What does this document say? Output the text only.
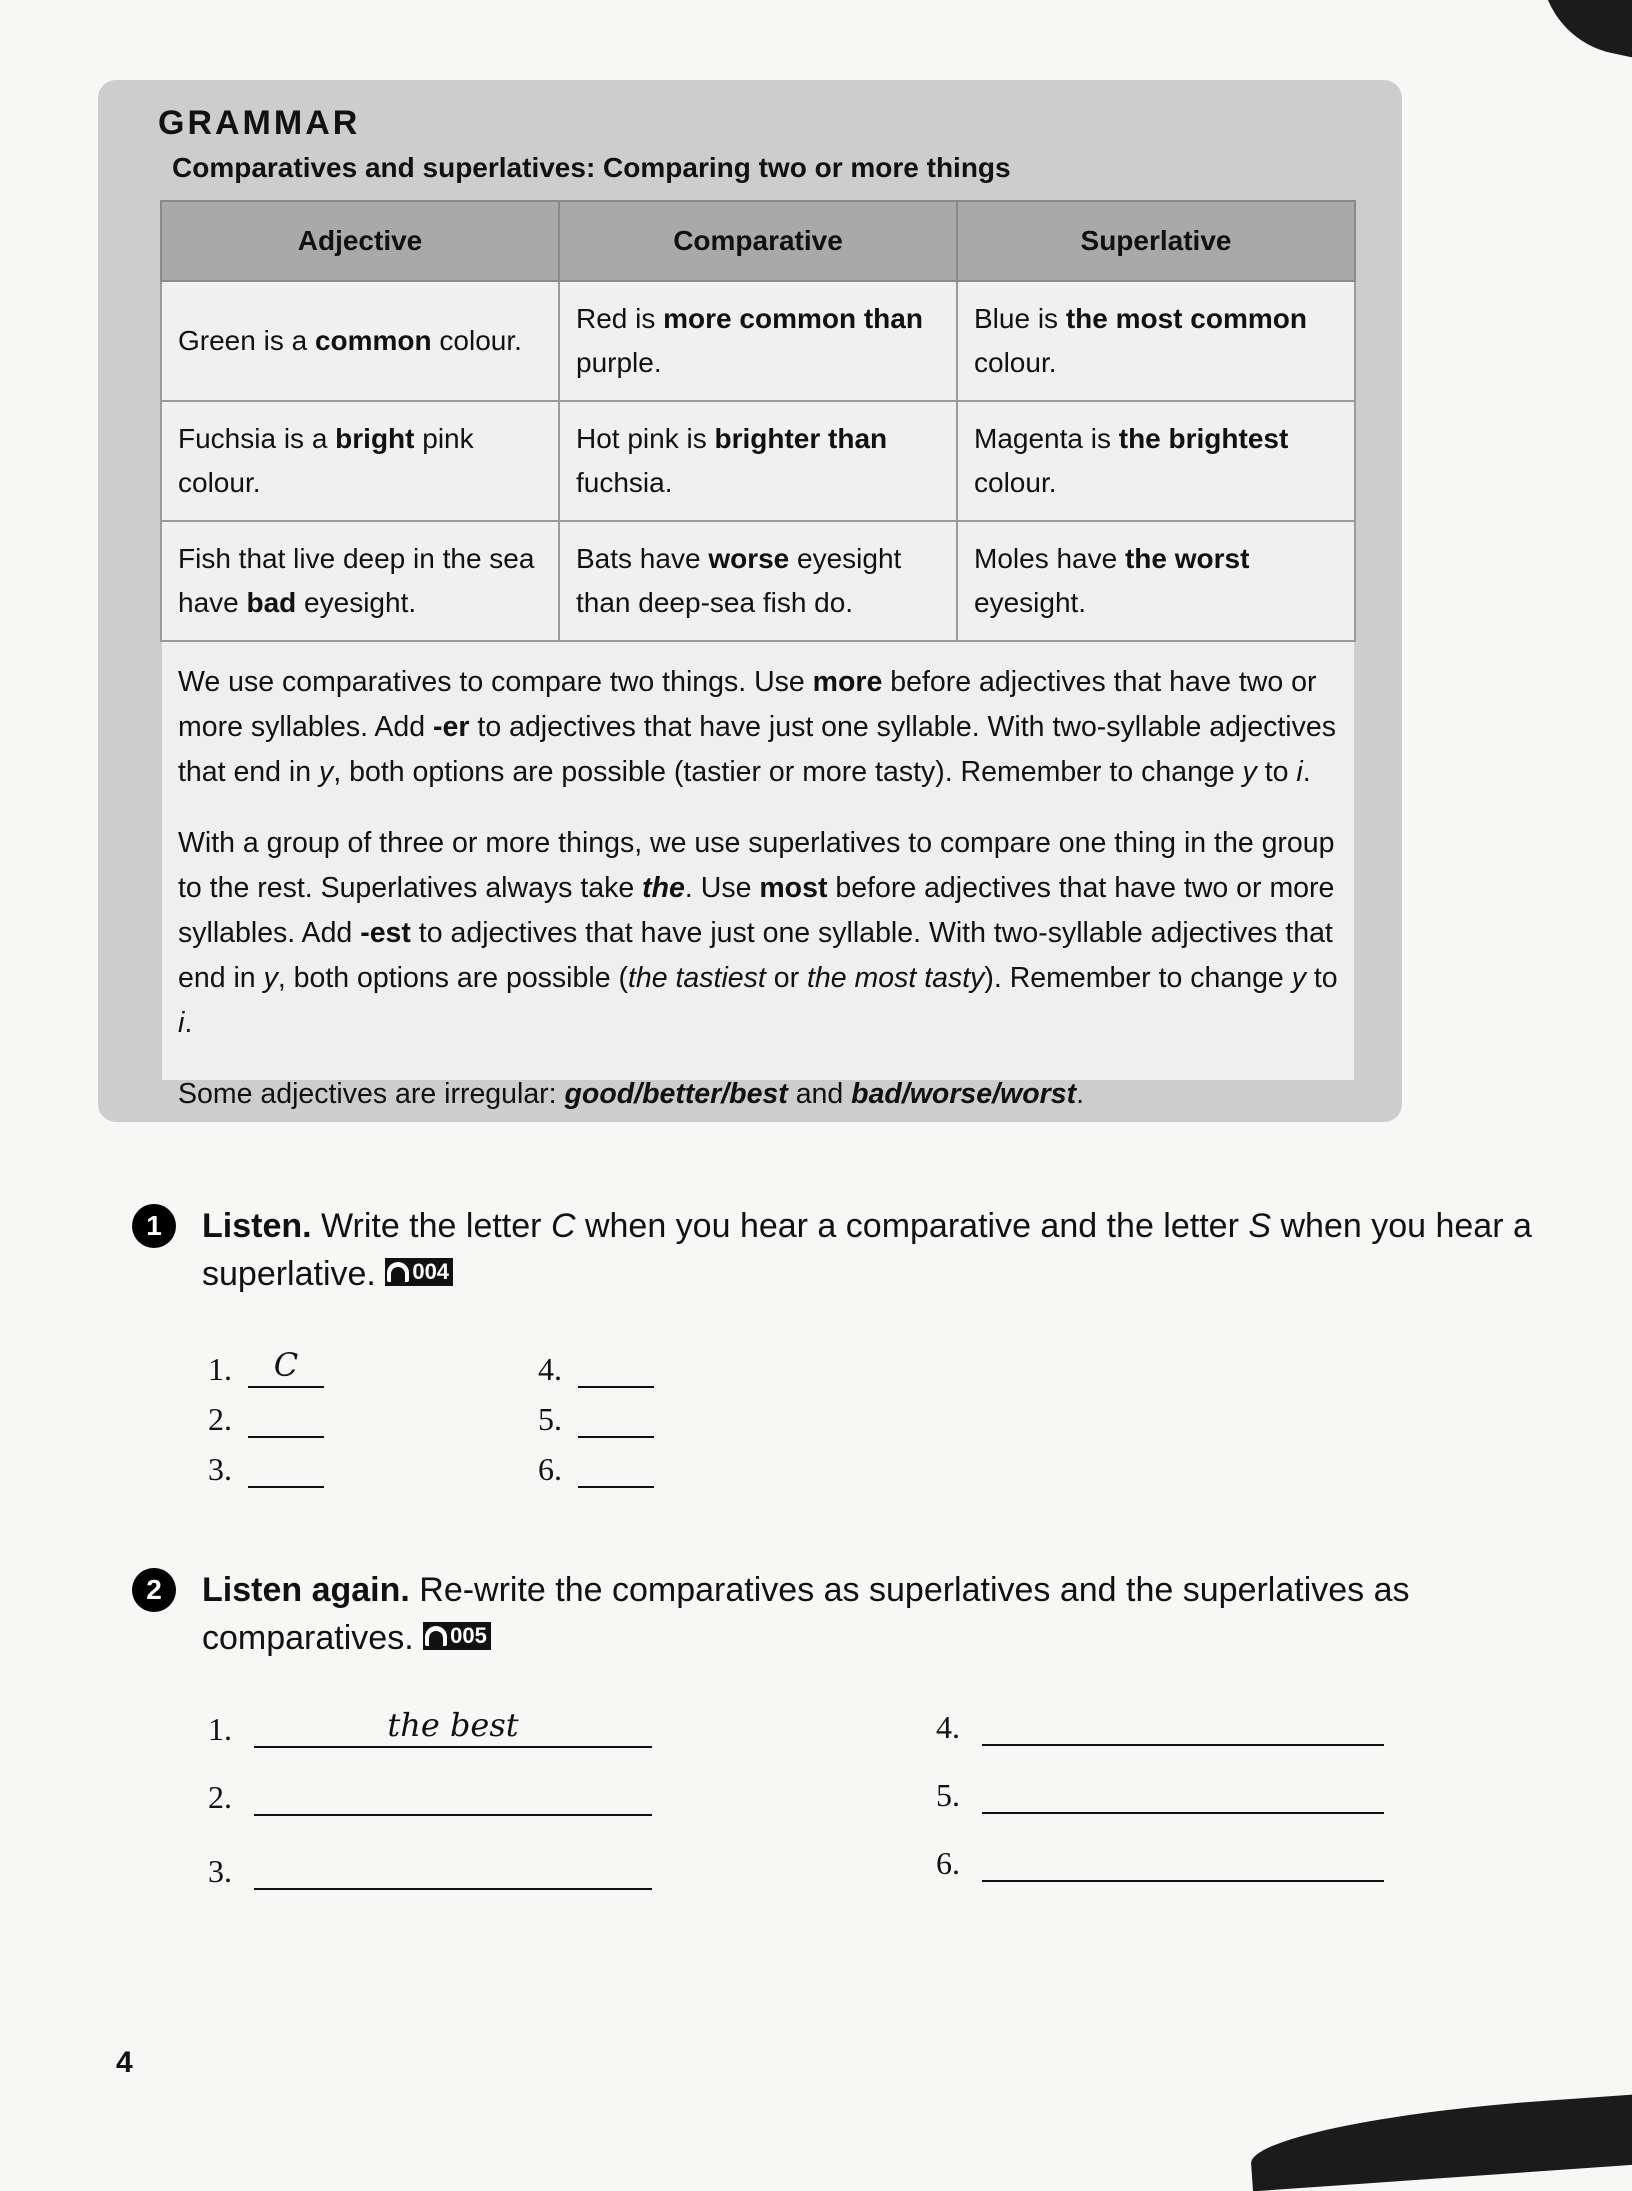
GRAMMAR
Comparatives and superlatives: Comparing two or more things
Adjective	Comparative	Superlative
Green is a common colour.	Red is more common than purple.	Blue is the most common colour.
Fuchsia is a bright pink colour.	Hot pink is brighter than fuchsia.	Magenta is the brightest colour.
Fish that live deep in the sea have bad eyesight.	Bats have worse eyesight than deep-sea fish do.	Moles have the worst eyesight.

We use comparatives to compare two things. Use more before adjectives that have two or more syllables. Add -er to adjectives that have just one syllable. With two-syllable adjectives that end in y, both options are possible (tastier or more tasty). Remember to change y to i.

With a group of three or more things, we use superlatives to compare one thing in the group to the rest. Superlatives always take the. Use most before adjectives that have two or more syllables. Add -est to adjectives that have just one syllable. With two-syllable adjectives that end in y, both options are possible (the tastiest or the most tasty). Remember to change y to i.

Some adjectives are irregular: good/better/best and bad/worse/worst.

1	Listen. Write the letter C when you hear a comparative and the letter S when you hear a superlative. 004
1.	C
2.
3.
4.
5.
6.
2	Listen again. Re-write the comparatives as superlatives and the superlatives as comparatives. 005
1.	the best
2.
3.
4.
5.
6.
4
